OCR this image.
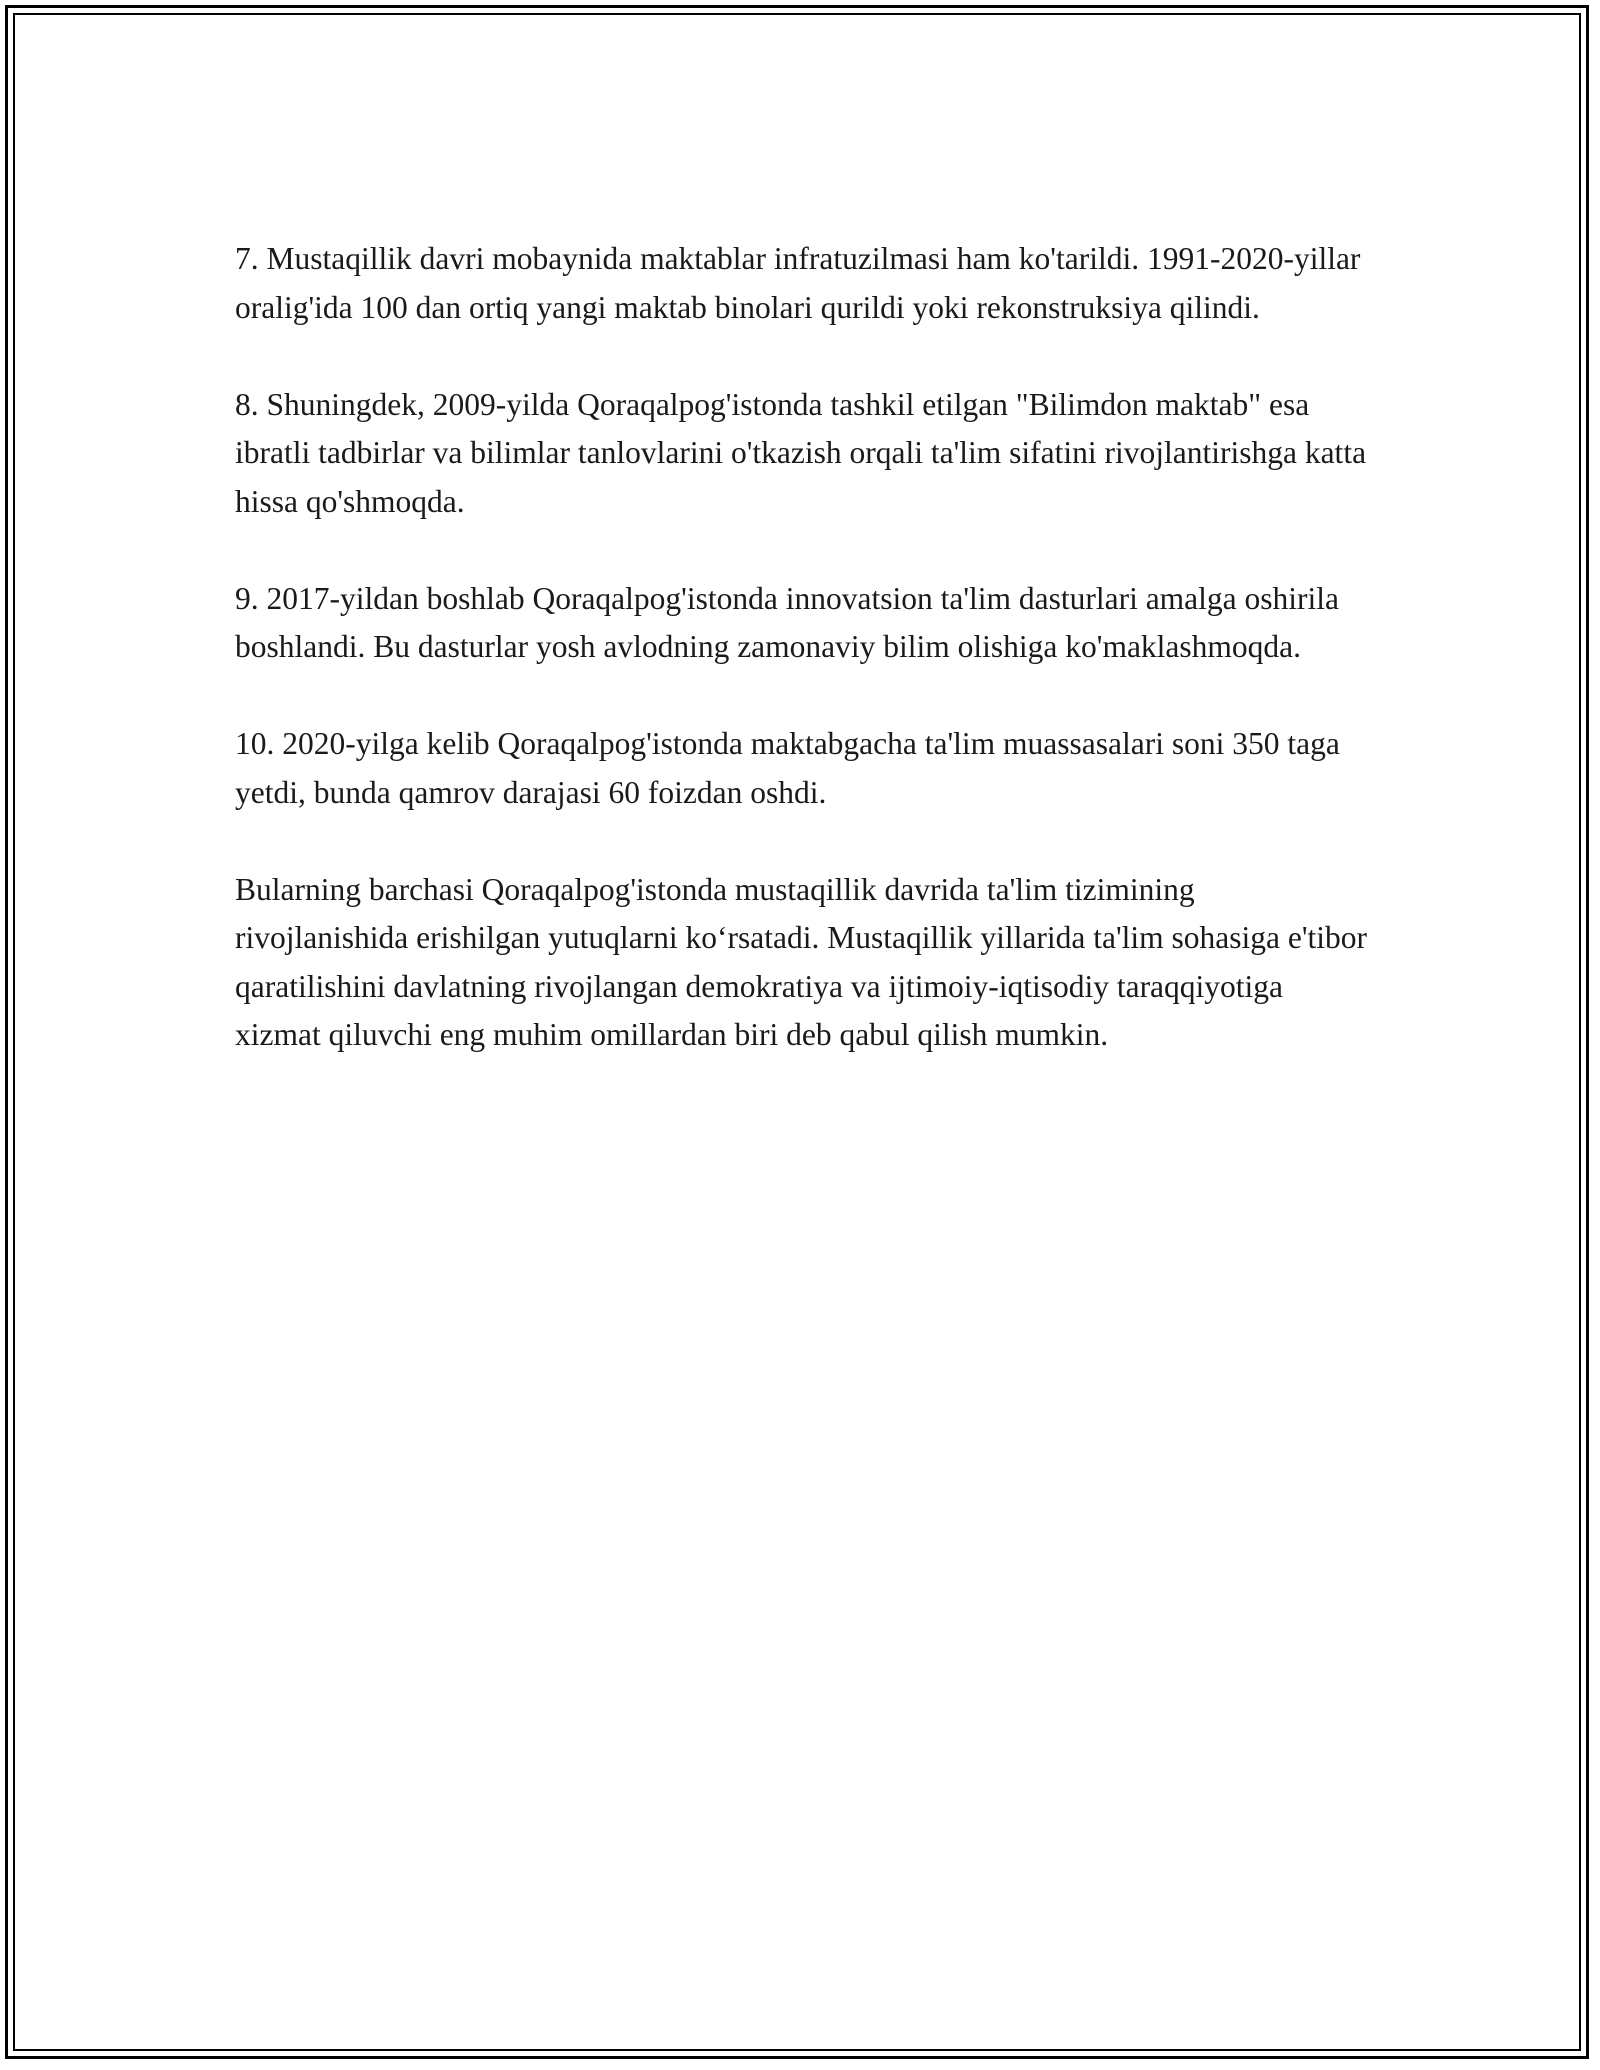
7. Mustaqillik davri mobaynida maktablar infratuzilmasi ham ko'tarildi. 1991-2020-yillar oralig'ida 100 dan ortiq yangi maktab binolari qurildi yoki rekonstruksiya qilindi.

8. Shuningdek, 2009-yilda Qoraqalpog'istonda tashkil etilgan "Bilimdon maktab" esa ibratli tadbirlar va bilimlar tanlovlarini o'tkazish orqali ta'lim sifatini rivojlantirishga katta hissa qo'shmoqda.

9. 2017-yildan boshlab Qoraqalpog'istonda innovatsion ta'lim dasturlari amalga oshirila boshlandi. Bu dasturlar yosh avlodning zamonaviy bilim olishiga ko'maklashmoqda.

10. 2020-yilga kelib Qoraqalpog'istonda maktabgacha ta'lim muassasalari soni 350 taga yetdi, bunda qamrov darajasi 60 foizdan oshdi.

Bularning barchasi Qoraqalpog'istonda mustaqillik davrida ta'lim tizimining rivojlanishida erishilgan yutuqlarni ko‘rsatadi. Mustaqillik yillarida ta'lim sohasiga e'tibor qaratilishini davlatning rivojlangan demokratiya va ijtimoiy-iqtisodiy taraqqiyotiga xizmat qiluvchi eng muhim omillardan biri deb qabul qilish mumkin.
